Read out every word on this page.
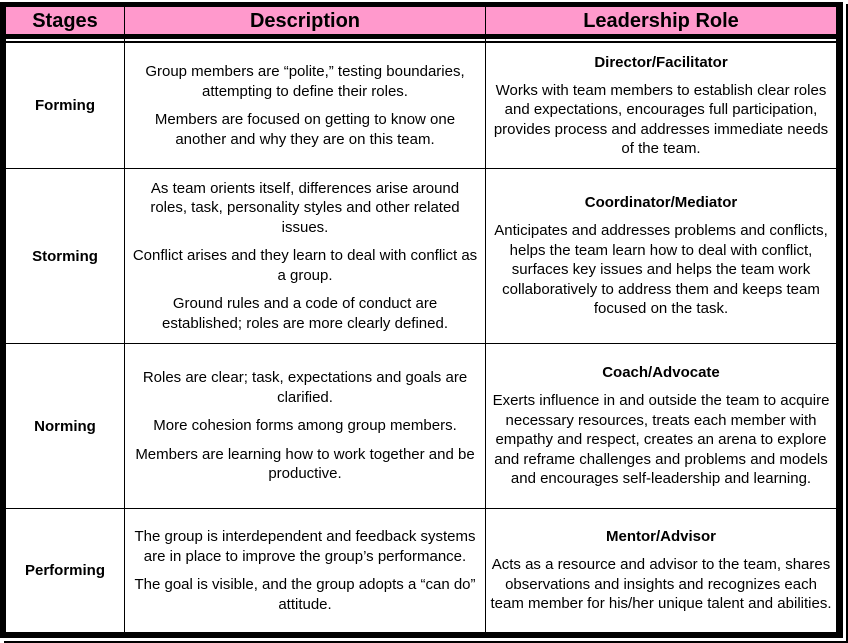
Stages	Description	Leadership Role
Forming

Group members are “polite,” testing boundaries, attempting to define their roles.

Members are focused on getting to know one another and why they are on this team.

Director/Facilitator

Works with team members to establish clear roles and expectations, encourages full participation, provides process and addresses immediate needs of the team.

Storming

As team orients itself, differences arise around roles, task, personality styles and other related issues.

Conflict arises and they learn to deal with conflict as a group.

Ground rules and a code of conduct are established; roles are more clearly defined.

Coordinator/Mediator

Anticipates and addresses problems and conflicts, helps the team learn how to deal with conflict, surfaces key issues and helps the team work collaboratively to address them and keeps team focused on the task.

Norming

Roles are clear; task, expectations and goals are clarified.

More cohesion forms among group members.

Members are learning how to work together and be productive.

Coach/Advocate

Exerts influence in and outside the team to acquire necessary resources, treats each member with empathy and respect, creates an arena to explore and reframe challenges and problems and models and encourages self-leadership and learning.

Performing

The group is interdependent and feedback systems are in place to improve the group’s performance.

The goal is visible, and the group adopts a “can do” attitude.

Mentor/Advisor

Acts as a resource and advisor to the team, shares observations and insights and recognizes each team member for his/her unique talent and abilities.
